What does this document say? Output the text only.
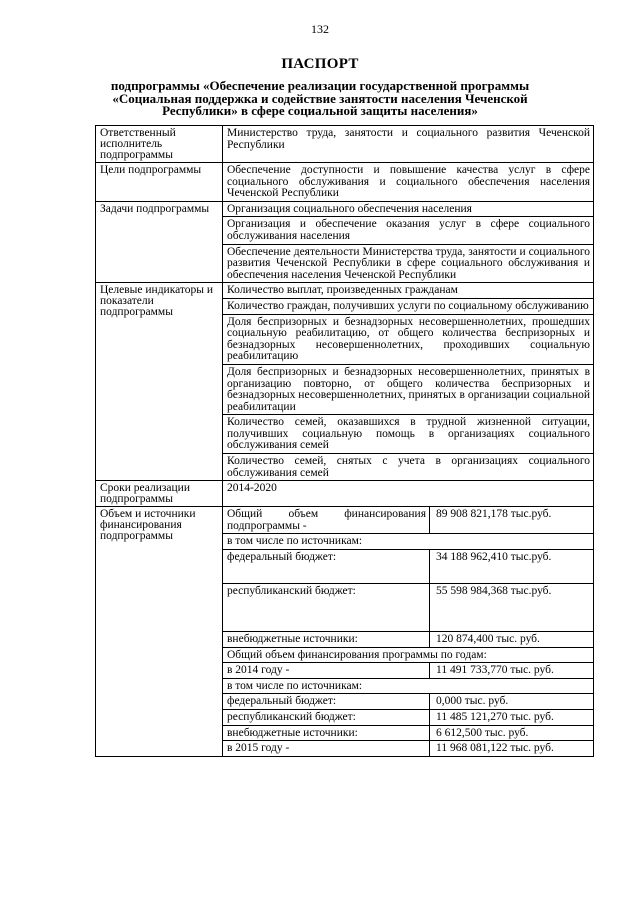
132
ПАСПОРТ
подпрограммы «Обеспечение реализации государственной программы «Социальная поддержка и содействие занятости населения Чеченской Республики» в сфере социальной защиты населения»
Ответственный исполнитель подпрограммы	Министерство труда, занятости и социального развития Чеченской Республики	
Цели подпрограммы	Обеспечение доступности и повышение качества услуг в сфере социального обслуживания и социального обеспечения населения Чеченской Республики	
Задачи подпрограммы	Организация социального обеспечения населения	
	Организация и обеспечение оказания услуг в сфере социального обслуживания населения	
	Обеспечение деятельности Министерства труда, занятости и социального развития Чеченской Республики в сфере социального обслуживания и обеспечения населения Чеченской Республики	
Целевые индикаторы и показатели подпрограммы	Количество выплат, произведенных гражданам	
	Количество граждан, получивших услуги по социальному обслуживанию	
	Доля беспризорных и безнадзорных несовершеннолетних, прошедших социальную реабилитацию, от общего количества беспризорных и безнадзорных несовершеннолетних, проходивших социальную реабилитацию	
	Доля беспризорных и безнадзорных несовершеннолетних, принятых в организацию повторно, от общего количества беспризорных и безнадзорных несовершеннолетних, принятых в организации социальной реабилитации	
	Количество семей, оказавшихся в трудной жизненной ситуации, получивших социальную помощь в организациях социального обслуживания семей	
	Количество семей, снятых с учета в организациях социального обслуживания семей	
Сроки реализации подпрограммы	2014-2020	
Объем и источники финансирования подпрограммы	Общий объем финансирования подпрограммы -	89 908 821,178 тыс.руб.
	в том числе по источникам:	
	федеральный бюджет:	34 188 962,410 тыс.руб.
	республиканский бюджет:	55 598 984,368 тыс.руб.
	внебюджетные источники:	120 874,400 тыс. руб.
	Общий объем финансирования программы по годам:	
	в 2014 году -	11 491 733,770 тыс. руб.
	в том числе по источникам:	
	федеральный бюджет:	0,000 тыс. руб.
	республиканский бюджет:	11 485 121,270 тыс. руб.
	внебюджетные источники:	6 612,500 тыс. руб.
	в 2015 году -	11 968 081,122 тыс. руб.
